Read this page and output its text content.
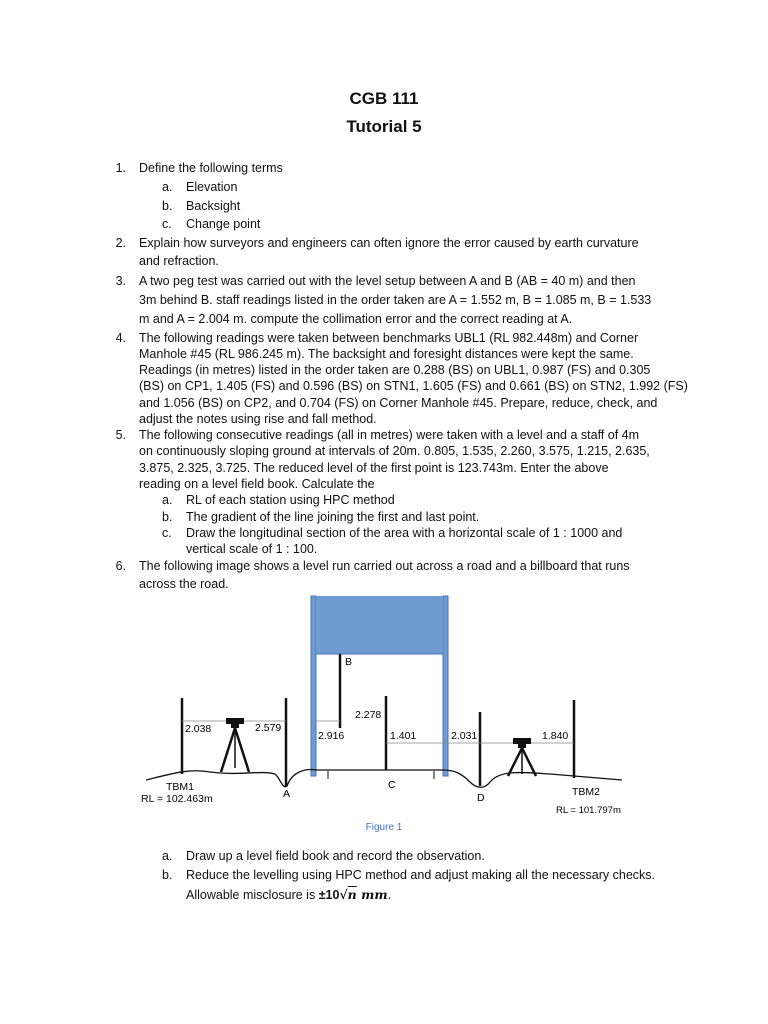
CGB 111
Tutorial 5
1. Define the following terms
a.	Elevation
b.	Backsight
c.	Change point
2. Explain how surveyors and engineers can often ignore the error caused by earth curvature
and refraction.
3. A two peg test was carried out with the level setup between A and B (AB = 40 m) and then
3m behind B. staff readings listed in the order taken are A = 1.552 m, B = 1.085 m, B = 1.533
m and A = 2.004 m. compute the collimation error and the correct reading at A.
4. The following readings were taken between benchmarks UBL1 (RL 982.448m) and Corner
Manhole #45 (RL 986.245 m). The backsight and foresight distances were kept the same.
Readings (in metres) listed in the order taken are 0.288 (BS) on UBL1, 0.987 (FS) and 0.305
(BS) on CP1, 1.405 (FS) and 0.596 (BS) on STN1, 1.605 (FS) and 0.661 (BS) on STN2, 1.992 (FS)
and 1.056 (BS) on CP2, and 0.704 (FS) on Corner Manhole #45. Prepare, reduce, check, and
adjust the notes using rise and fall method.
5. The following consecutive readings (all in metres) were taken with a level and a staff of 4m
on continuously sloping ground at intervals of 20m. 0.805, 1.535, 2.260, 3.575, 1.215, 2.635,
3.875, 2.325, 3.725. The reduced level of the first point is 123.743m. Enter the above
reading on a level field book. Calculate the
a.	RL of each station using HPC method
b.	The gradient of the line joining the first and last point.
c.	Draw the longitudinal section of the area with a horizontal scale of 1 : 1000 and
vertical scale of 1 : 100.
6. The following image shows a level run carried out across a road and a billboard that runs
across the road.
2.038	2.579
2.916
2.278
1.401	2.031	1.840
B
TBM1
A
C
D	TBM2
RL = 102.463m
RL = 101.797m
Figure 1
a.	Draw up a level field book and record the observation.
b.	Reduce the levelling using HPC method and adjust making all the necessary checks.
Allowable misclosure is ±10√n mm.
